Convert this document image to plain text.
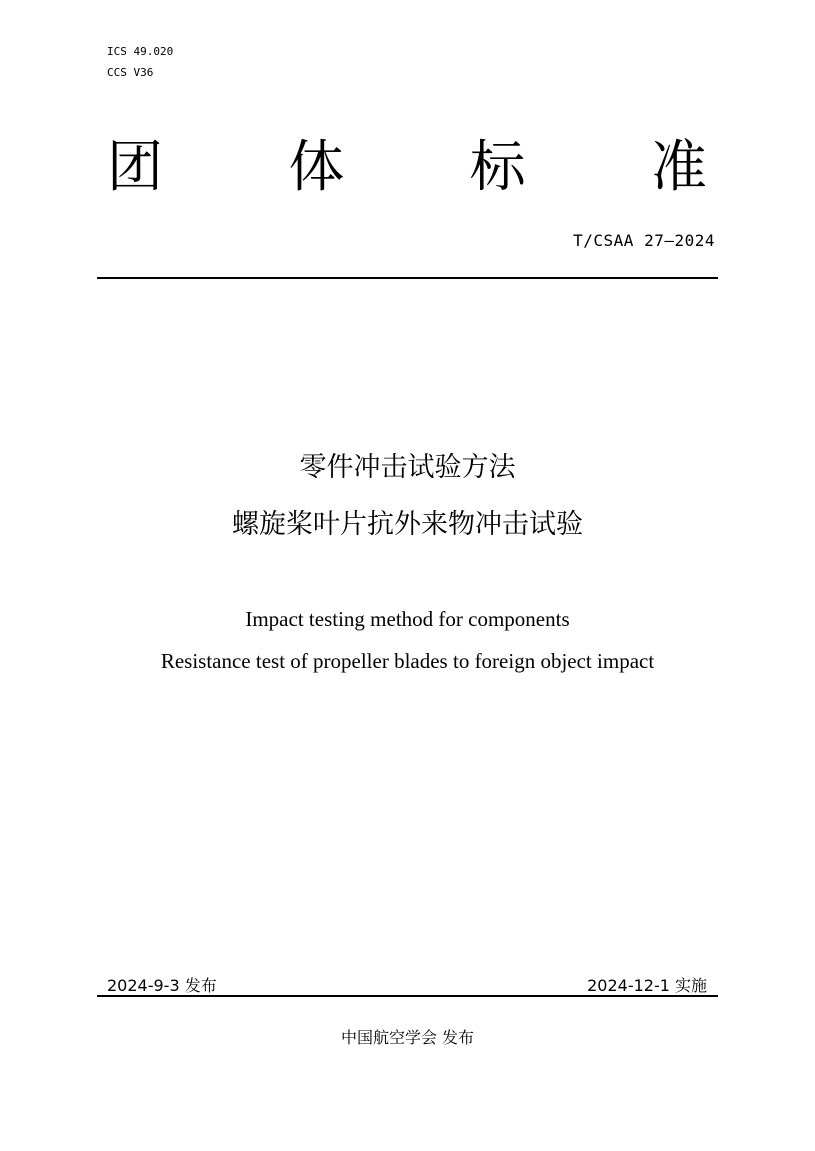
ICS 49.020
CCS V36
团 体 标 准
T/CSAA 27—2024
零件冲击试验方法
螺旋桨叶片抗外来物冲击试验
Impact testing method for components
Resistance test of propeller blades to foreign object impact
2024-9-3 发布	2024-12-1 实施
中国航空学会 发布
